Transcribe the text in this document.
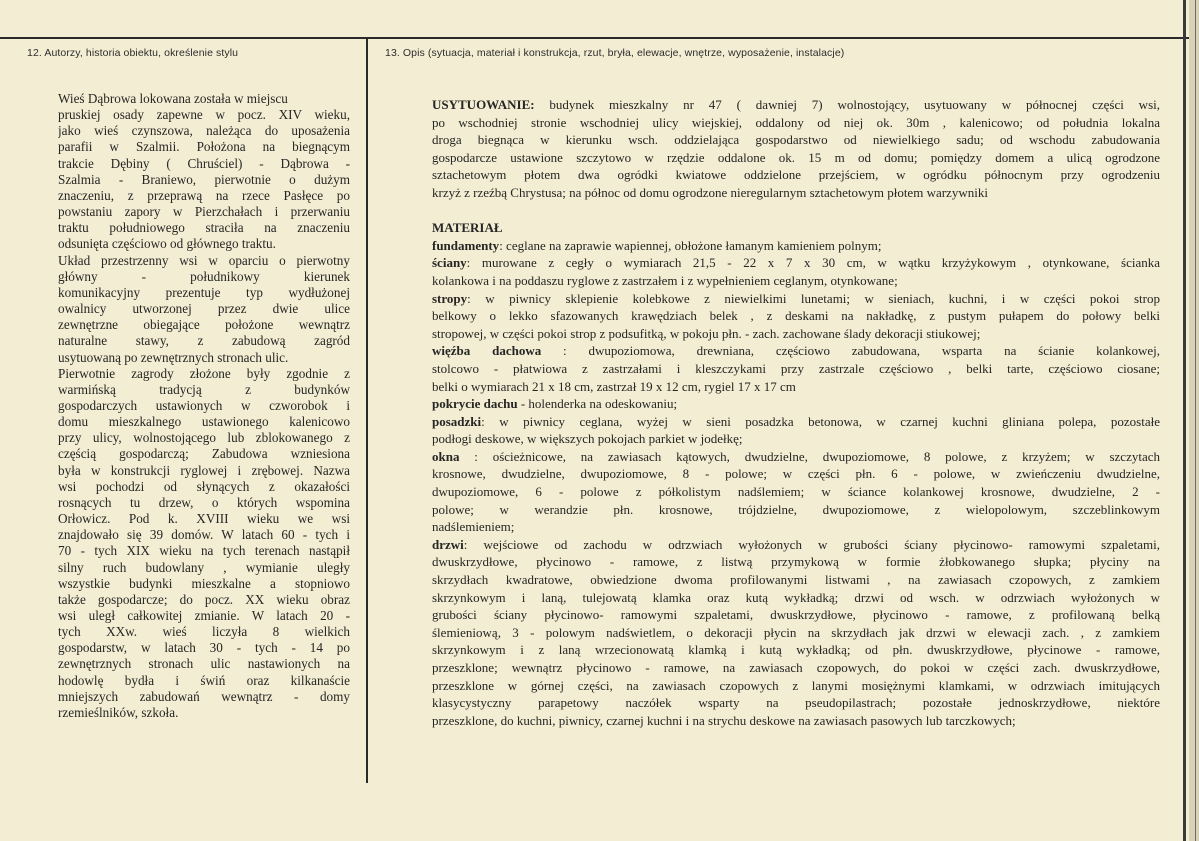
12. Autorzy, historia obiektu, określenie stylu	13. Opis (sytuacja, materiał i konstrukcja, rzut, bryła, elewacje, wnętrze, wyposażenie, instalacje)
Wieś Dąbrowa lokowana została w miejscu
pruskiej osady zapewne w pocz. XIV wieku,
jako wieś czynszowa, należąca do uposażenia
parafii w Szalmii. Położona na biegnącym
trakcie Dębiny ( Chruściel) - Dąbrowa -
Szalmia - Braniewo, pierwotnie o dużym
znaczeniu, z przeprawą na rzece Pasłęce po
powstaniu zapory w Pierzchałach i przerwaniu
traktu południowego straciła na znaczeniu
odsunięta częściowo od głównego traktu.
Układ przestrzenny wsi w oparciu o pierwotny
główny - południkowy kierunek
komunikacyjny prezentuje typ wydłużonej
owalnicy utworzonej przez dwie ulice
zewnętrzne obiegające położone wewnątrz
naturalne stawy, z zabudową zagród
usytuowaną po zewnętrznych stronach ulic.
Pierwotnie zagrody złożone były zgodnie z
warmińską tradycją z budynków
gospodarczych ustawionych w czworobok i
domu mieszkalnego ustawionego kalenicowo
przy ulicy, wolnostojącego lub zblokowanego z
częścią gospodarczą; Zabudowa wzniesiona
była w konstrukcji ryglowej i zrębowej. Nazwa
wsi pochodzi od słynących z okazałości
rosnących tu drzew, o których wspomina
Orłowicz. Pod k. XVIII wieku we wsi
znajdowało się 39 domów. W latach 60 - tych i
70 - tych XIX wieku na tych terenach nastąpił
silny ruch budowlany , wymianie uległy
wszystkie budynki mieszkalne a stopniowo
także gospodarcze; do pocz. XX wieku obraz
wsi uległ całkowitej zmianie. W latach 20 -
tych XXw. wieś liczyła 8 wielkich
gospodarstw, w latach 30 - tych - 14 po
zewnętrznych stronach ulic nastawionych na
hodowlę bydła i świń oraz kilkanaście
mniejszych zabudowań wewnątrz - domy
rzemieślników, szkoła.
USYTUOWANIE: budynek mieszkalny nr 47 ( dawniej 7) wolnostojący, usytuowany w północnej części wsi,
po wschodniej stronie wschodniej ulicy wiejskiej, oddalony od niej ok. 30m , kalenicowo; od południa lokalna
droga biegnąca w kierunku wsch. oddzielająca gospodarstwo od niewielkiego sadu; od wschodu zabudowania
gospodarcze ustawione szczytowo w rzędzie oddalone ok. 15 m od domu; pomiędzy domem a ulicą ogrodzone
sztachetowym płotem dwa ogródki kwiatowe oddzielone przejściem, w ogródku północnym przy ogrodzeniu
krzyż z rzeźbą Chrystusa; na północ od domu ogrodzone nieregularnym sztachetowym płotem warzywniki
MATERIAŁ
fundamenty: ceglane na zaprawie wapiennej, obłożone łamanym kamieniem polnym;
ściany: murowane z cegły o wymiarach 21,5 - 22 x 7 x 30 cm, w wątku krzyżykowym , otynkowane, ścianka
kolankowa i na poddaszu ryglowe z zastrzałem i z wypełnieniem ceglanym, otynkowane;
stropy: w piwnicy sklepienie kolebkowe z niewielkimi lunetami; w sieniach, kuchni, i w części pokoi strop
belkowy o lekko sfazowanych krawędziach belek , z deskami na nakładkę, z pustym pułapem do połowy belki
stropowej, w części pokoi strop z podsufitką, w pokoju płn. - zach. zachowane ślady dekoracji stiukowej;
więźba dachowa : dwupoziomowa, drewniana, częściowo zabudowana, wsparta na ścianie kolankowej,
stolcowo - płatwiowa z zastrzałami i kleszczykami przy zastrzale częściowo , belki tarte, częściowo ciosane;
belki o wymiarach 21 x 18 cm, zastrzał 19 x 12 cm, rygiel 17 x 17 cm
pokrycie dachu - holenderka na odeskowaniu;
posadzki: w piwnicy ceglana, wyżej w sieni posadzka betonowa, w czarnej kuchni gliniana polepa, pozostałe
podłogi deskowe, w większych pokojach parkiet w jodełkę;
okna : ościeżnicowe, na zawiasach kątowych, dwudzielne, dwupoziomowe, 8 polowe, z krzyżem; w szczytach
krosnowe, dwudzielne, dwupoziomowe, 8 - polowe; w części płn. 6 - polowe, w zwieńczeniu dwudzielne,
dwupoziomowe, 6 - polowe z półkolistym nadślemiem; w ściance kolankowej krosnowe, dwudzielne, 2 -
polowe; w werandzie płn. krosnowe, trójdzielne, dwupoziomowe, z wielopolowym, szczeblinkowym
nadślemieniem;
drzwi: wejściowe od zachodu w odrzwiach wyłożonych w grubości ściany płycinowo- ramowymi szpaletami,
dwuskrzydłowe, płycinowo - ramowe, z listwą przymykową w formie żłobkowanego słupka; płyciny na
skrzydłach kwadratowe, obwiedzione dwoma profilowanymi listwami , na zawiasach czopowych, z zamkiem
skrzynkowym i laną, tulejowatą klamka oraz kutą wykładką; drzwi od wsch. w odrzwiach wyłożonych w
grubości ściany płycinowo- ramowymi szpaletami, dwuskrzydłowe, płycinowo - ramowe, z profilowaną belką
ślemieniową, 3 - polowym nadświetlem, o dekoracji płycin na skrzydłach jak drzwi w elewacji zach. , z zamkiem
skrzynkowym i z laną wrzecionowatą klamką i kutą wykładką; od płn. dwuskrzydłowe, płycinowe - ramowe,
przeszklone; wewnątrz płycinowo - ramowe, na zawiasach czopowych, do pokoi w części zach. dwuskrzydłowe,
przeszklone w górnej części, na zawiasach czopowych z lanymi mosiężnymi klamkami, w odrzwiach imitujących
klasycystyczny parapetowy naczółek wsparty na pseudopilastrach; pozostałe jednoskrzydłowe, niektóre
przeszklone, do kuchni, piwnicy, czarnej kuchni i na strychu deskowe na zawiasach pasowych lub tarczkowych;
